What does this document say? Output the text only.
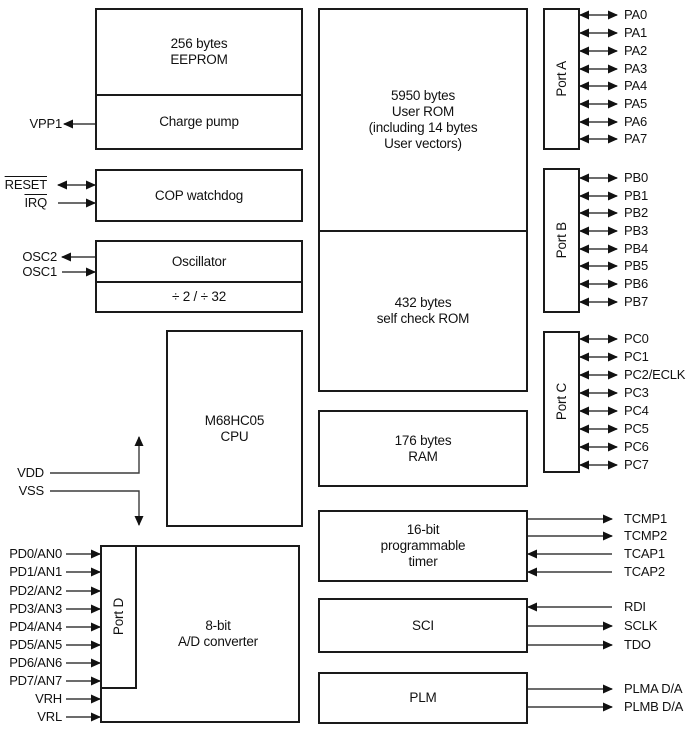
256 bytes
EEPROM
Charge pump
COP watchdog
Oscillator
÷ 2 / ÷ 32
M68HC05
CPU
8-bit
A/D converter
Port D
5950 bytes
User ROM
(including 14 bytes
User vectors)
432 bytes
self check ROM
176 bytes
RAM
16-bit
programmable
timer
SCI
PLM
Port A
Port B
Port C
VPP1
RESET
$\overline{IRQ}$
OSC2
OSC1
VDD
VSS
PD0/AN0
PD1/AN1
PD2/AN2
PD3/AN3
PD4/AN4
PD5/AN5
PD6/AN6
PD7/AN7
VRH
VRL
PA0
PA1
PA2
PA3
PA4
PA5
PA6
PA7
PB0
PB1
PB2
PB3
PB4
PB5
PB6
PB7
PC0
PC1
PC2/ECLK
PC3
PC4
PC5
PC6
PC7
TCMP1
TCMP2
TCAP1
TCAP2
RDI
SCLK
TDO
PLMA D/A
PLMB D/A
